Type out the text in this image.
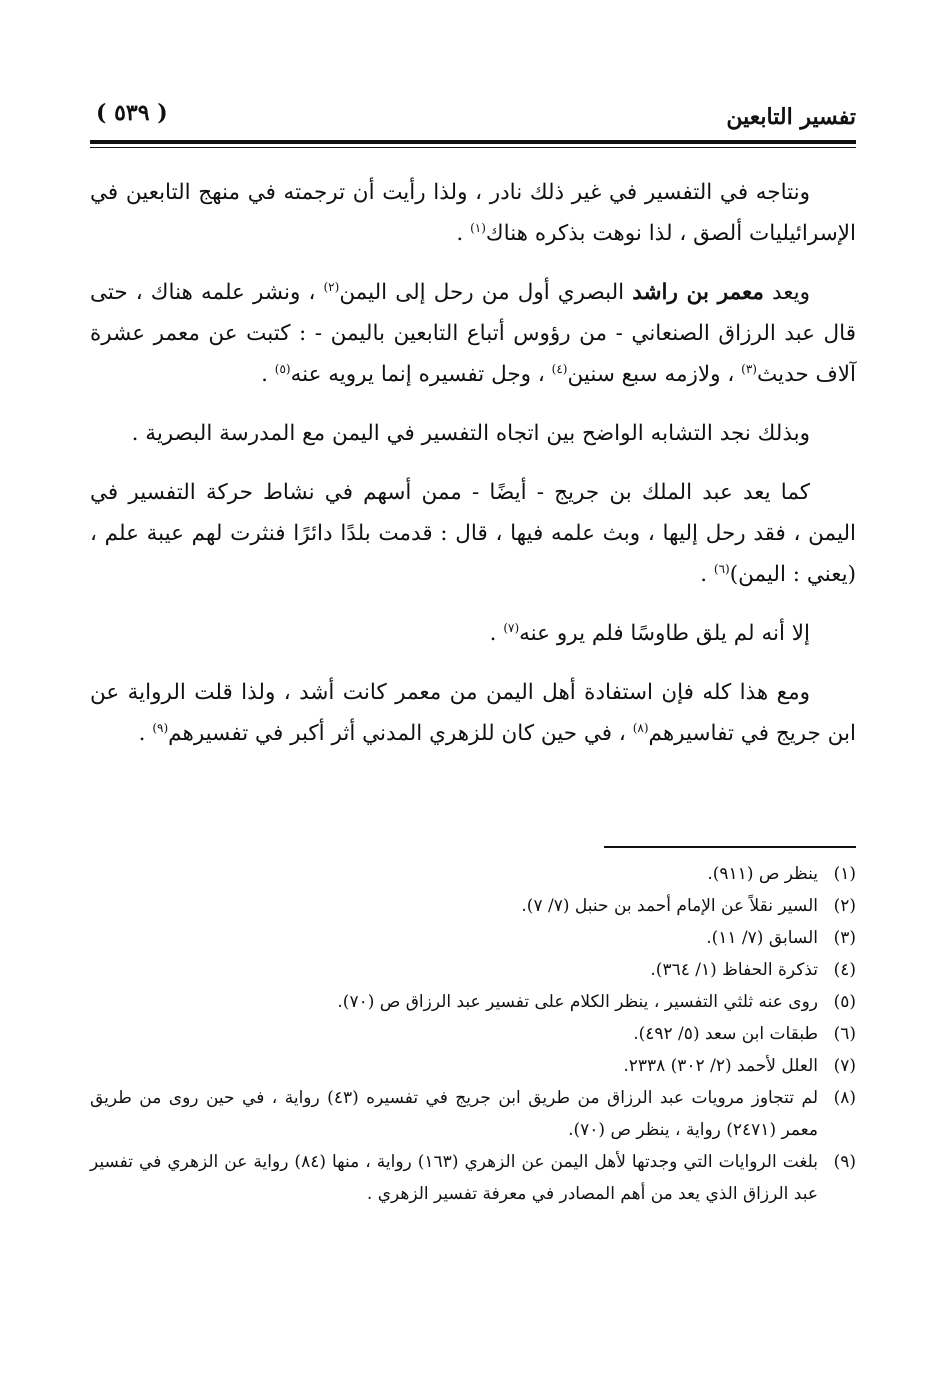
تفسير التابعين
( ٥٣٩ )

ونتاجه في التفسير في غير ذلك نادر ، ولذا رأيت أن ترجمته في منهج التابعين في الإسرائيليات ألصق ، لذا نوهت بذكره هناك$^{(١)}$ .

ويعد معمر بن راشد البصري أول من رحل إلى اليمن$^{(٢)}$ ، ونشر علمه هناك ، حتى قال عبد الرزاق الصنعاني - من رؤوس أتباع التابعين باليمن - : كتبت عن معمر عشرة آلاف حديث$^{(٣)}$ ، ولازمه سبع سنين$^{(٤)}$ ، وجل تفسيره إنما يرويه عنه$^{(٥)}$ .

وبذلك نجد التشابه الواضح بين اتجاه التفسير في اليمن مع المدرسة البصرية .

كما يعد عبد الملك بن جريج - أيضًا - ممن أسهم في نشاط حركة التفسير في اليمن ، فقد رحل إليها ، وبث علمه فيها ، قال : قدمت بلدًا دائرًا فنثرت لهم عيبة علم ، (يعني : اليمن)$^{(٦)}$ .

إلا أنه لم يلق طاوسًا فلم يرو عنه$^{(٧)}$ .

ومع هذا كله فإن استفادة أهل اليمن من معمر كانت أشد ، ولذا قلت الرواية عن ابن جريج في تفاسيرهم$^{(٨)}$ ، في حين كان للزهري المدني أثر أكبر في تفسيرهم$^{(٩)}$ .

(١)
ينظر ص (٩١١).
(٢)
السير نقلاً عن الإمام أحمد بن حنبل (٧/ ٧).
(٣)
السابق (٧/ ١١).
(٤)
تذكرة الحفاظ (١/ ٣٦٤).
(٥)
روى عنه ثلثي التفسير ، ينظر الكلام على تفسير عبد الرزاق ص (٧٠).
(٦)
طبقات ابن سعد (٥/ ٤٩٢).
(٧)
العلل لأحمد (٢/ ٣٠٢) ٢٣٣٨.
(٨)
لم تتجاوز مرويات عبد الرزاق من طريق ابن جريج في تفسيره (٤٣) رواية ، في حين روى من طريق معمر (٢٤٧١) رواية ، ينظر ص (٧٠).
(٩)
بلغت الروايات التي وجدتها لأهل اليمن عن الزهري (١٦٣) رواية ، منها (٨٤) رواية عن الزهري في تفسير عبد الرزاق الذي يعد من أهم المصادر في معرفة تفسير الزهري .
